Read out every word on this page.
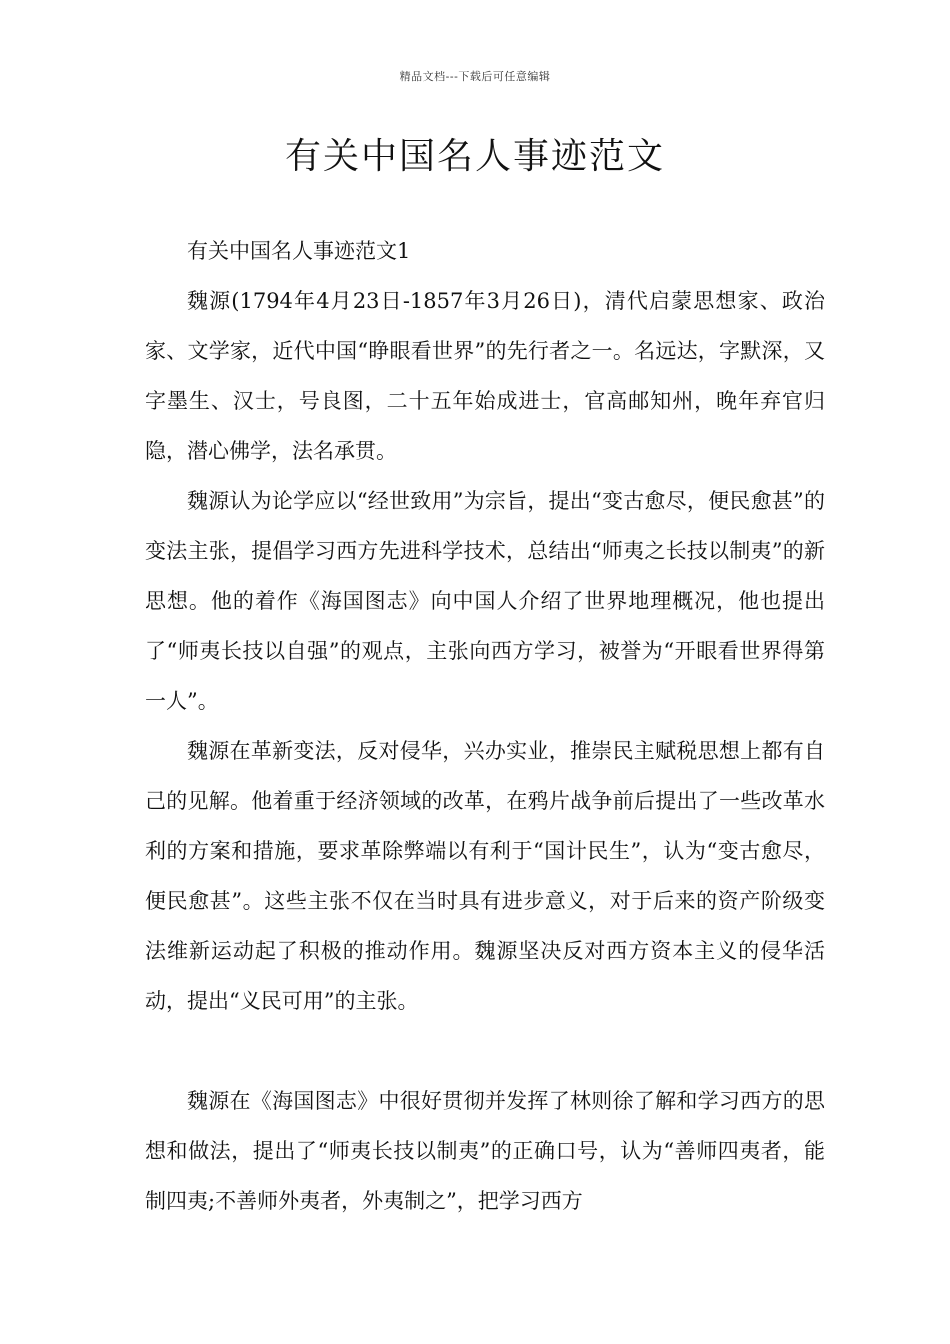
精品文档---下载后可任意编辑
有关中国名人事迹范文

有关中国名人事迹范文1

魏源(1794年4月23日-1857年3月26日)，清代启蒙思想家、政治家、文学家，近代中国“睁眼看世界”的先行者之一。名远达，字默深，又字墨生、汉士，号良图，二十五年始成进士，官高邮知州，晚年弃官归隐，潜心佛学，法名承贯。

魏源认为论学应以“经世致用”为宗旨，提出“变古愈尽，便民愈甚”的变法主张，提倡学习西方先进科学技术，总结出“师夷之长技以制夷”的新思想。他的着作《海国图志》向中国人介绍了世界地理概况，他也提出了“师夷长技以自强”的观点，主张向西方学习，被誉为“开眼看世界得第一人”。

魏源在革新变法，反对侵华，兴办实业，推崇民主赋税思想上都有自己的见解。他着重于经济领域的改革，在鸦片战争前后提出了一些改革水利的方案和措施，要求革除弊端以有利于“国计民生”，认为“变古愈尽，便民愈甚”。这些主张不仅在当时具有进步意义，对于后来的资产阶级变法维新运动起了积极的推动作用。魏源坚决反对西方资本主义的侵华活动，提出“义民可用”的主张。

魏源在《海国图志》中很好贯彻并发挥了林则徐了解和学习西方的思想和做法，提出了“师夷长技以制夷”的正确口号，认为“善师四夷者，能制四夷;不善师外夷者，外夷制之”，把学习西方
